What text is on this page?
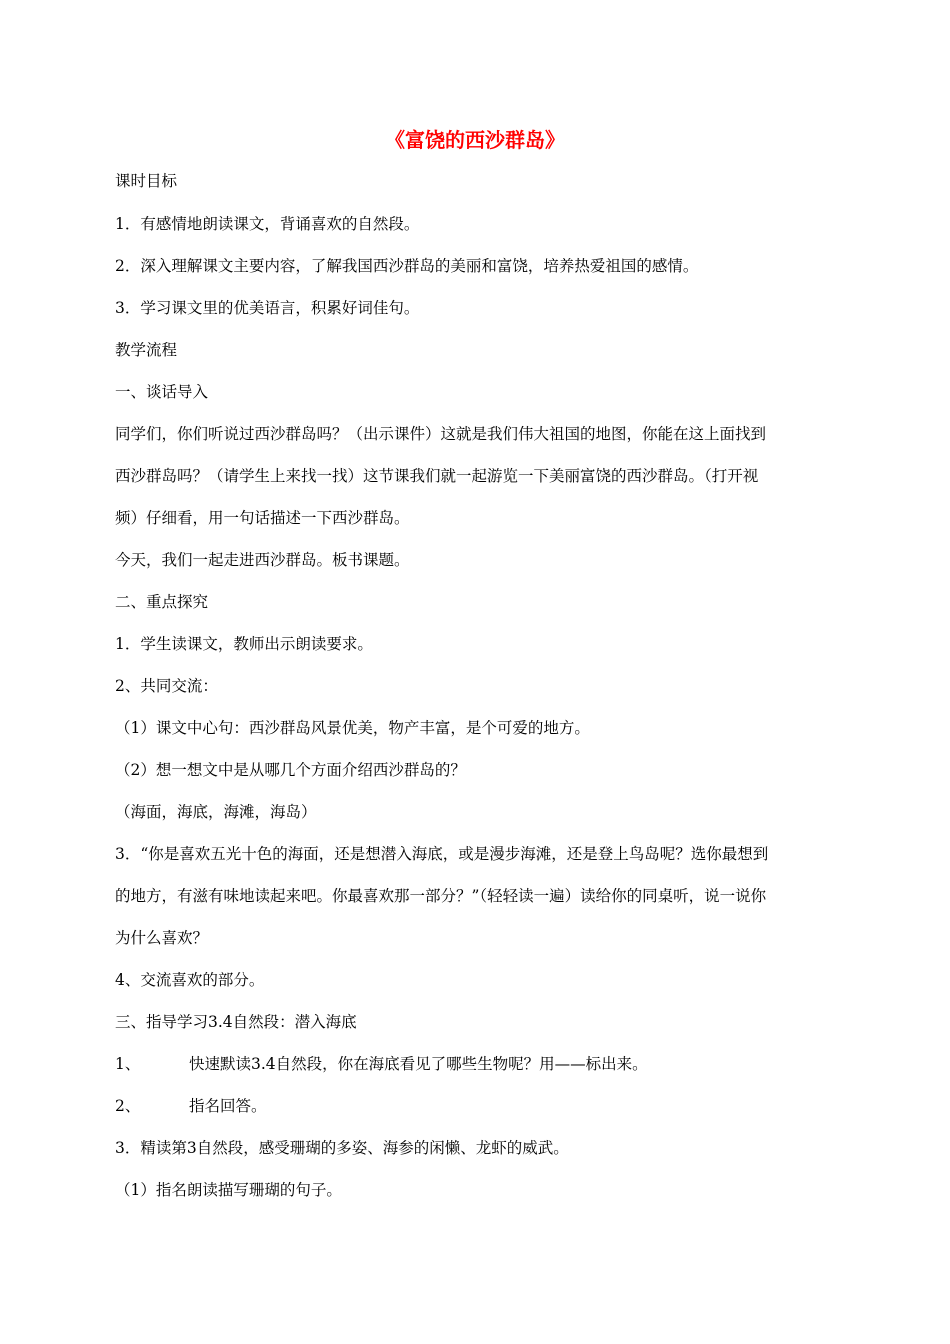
《富饶的西沙群岛》
课时目标
1．有感情地朗读课文，背诵喜欢的自然段。
2．深入理解课文主要内容，了解我国西沙群岛的美丽和富饶，培养热爱祖国的感情。
3．学习课文里的优美语言，积累好词佳句。
教学流程
一、谈话导入
同学们，你们听说过西沙群岛吗？（出示课件）这就是我们伟大祖国的地图，你能在这上面找到
西沙群岛吗？（请学生上来找一找）这节课我们就一起游览一下美丽富饶的西沙群岛。（打开视
频）仔细看，用一句话描述一下西沙群岛。
今天，我们一起走进西沙群岛。板书课题。
二、重点探究
1．学生读课文，教师出示朗读要求。
2、共同交流：
（1）课文中心句：西沙群岛风景优美，物产丰富，是个可爱的地方。
（2）想一想文中是从哪几个方面介绍西沙群岛的？
（海面，海底，海滩，海岛）
3．“你是喜欢五光十色的海面，还是想潜入海底，或是漫步海滩，还是登上鸟岛呢？选你最想到
的地方，有滋有味地读起来吧。你最喜欢那一部分？”（轻轻读一遍）读给你的同桌听，说一说你
为什么喜欢？
4、交流喜欢的部分。
三、指导学习3.4自然段：潜入海底
1、	快速默读3.4自然段，你在海底看见了哪些生物呢？用——标出来。
2、	指名回答。
3．精读第3自然段，感受珊瑚的多姿、海参的闲懒、龙虾的威武。
（1）指名朗读描写珊瑚的句子。
